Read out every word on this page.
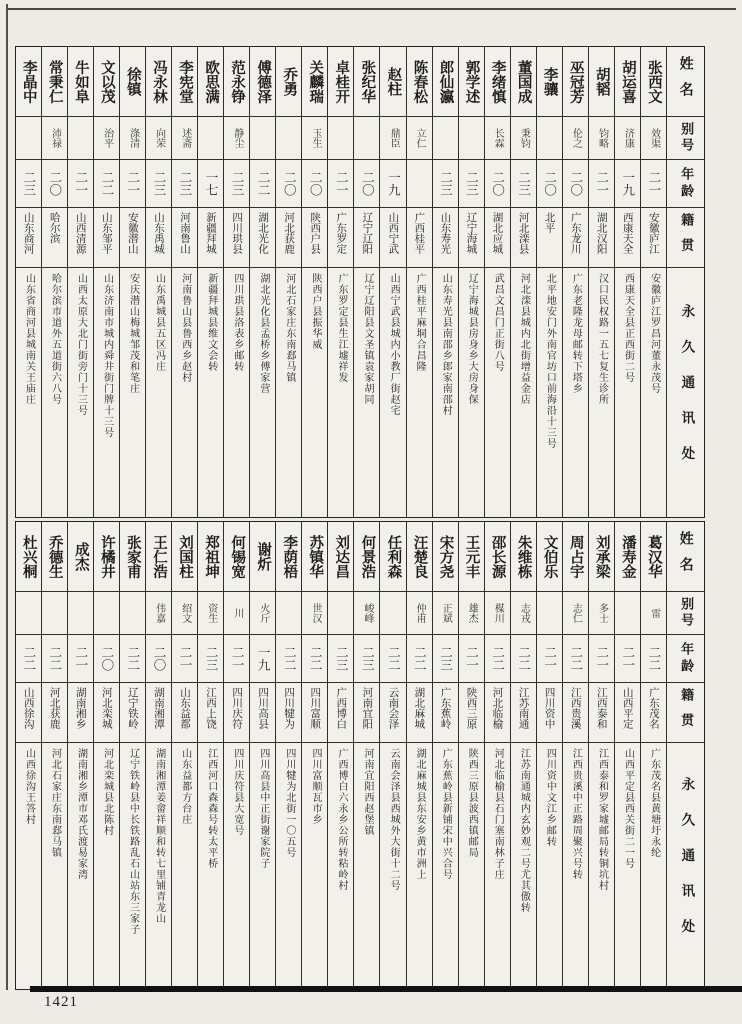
姓名
别号
年龄
籍贯
永久通讯处
张西文
效渠
二一
安徽庐江
安徽庐江罗昌河董永茂号
胡运喜
济康
一九
西康天全
西康天全县正西街二号
胡韬
钧略
二一
湖北汉阳
汉口民权路一五七复生诊所
巫冠芳
伦之
二〇
广东龙川
广东老隆龙母邮转下塔乡
李骧
二〇
北平
北平地安门外南官坊口前海沿十三号
董国成
秉钧
二三
河北滦县
河北滦县城内北街增益金店
李绪慎
长霖
二〇
湖北应城
武昌文昌门正街八号
郭学述
二三
辽宁海城
辽宁海城县房身乡大房身保
郎仙瀛
二三
山东寿光
山东寿光县南邵乡郎家南邵村
陈春松
立仁
广西桂平
广西桂平麻垌合昌隆
赵柱
鼎臣
一九
山西宁武
山西宁武县城内小教厂街赵宅
张纪华
二〇
辽宁辽阳
辽宁辽阳县文圣镇袁家胡同
卓桂开
二一
广东罗定
广东罗定县生江墟祥发
关麟瑞
玉生
二〇
陕西户县
陕西户县振华威
乔勇
二〇
河北获鹿
河北石家庄东南郄马镇
傅德泽
二二
湖北光化
湖北光化县孟桥乡傅家营
范永铮
静尘
二三
四川珙县
四川珙县洛表乡邮转
欧思满
一七
新疆拜城
新疆拜城县维文会转
李宪堂
述斋
二三
河南鲁山
河南鲁山县鲁西乡赵村
冯永林
向荣
二三
山东禹城
山东禹城县五区冯庄
徐镇
涤清
二一
安徽潜山
安庆潜山梅城邹茂和笔庄
文以茂
治平
二二
山东邹平
山东济南市城内舜井街门牌十三号
牛如阜
二一
山西清源
山西太原大北门街旁门十三号
常秉仁
沛禄
二〇
哈尔滨
哈尔滨市道外五道街六八号
李晶中
二三
山东商河
山东省商河县城南关王庙庄
姓名
别号
年龄
籍贯
永久通讯处
葛汉华
雷
二二
广东茂名
广东茂名县黄塘圩永纶
潘寿金
二一
山西平定
山西平定县西关街二一号
刘承梁
多士
二一
江西泰和
江西泰和罗家墟邮局转铜坑村
周占宇
志仁
二二
江西贵溪
江西贵溪中正路周聚兴号转
文伯乐
二一
四川资中
四川资中文江乡邮转
朱维栋
志戎
二二
江苏南通
江苏南通城内玄妙观二号尤其傲转
邵长源
楳川
二二
河北临榆
河北临榆县石门塞南林子庄
王元丰
雄杰
二一
陕西三原
陕西三原县波西镇邮局
宋方尧
正斌
二三
广东蕉岭
广东蕉岭县新铺宋中兴合号
汪楚良
仲甫
二二
湖北麻城
湖北麻城县东安乡黄市洲上
任利森
二二
云南会泽
云南会泽县西城外大街十二号
何景浩
峻峰
二三
河南宜阳
河南宜阳西赵堡镇
刘达昌
二三
广西博白
广西博白六永乡公所转粘岭村
苏镇华
世汉
二二
四川富顺
四川富顺瓦市乡
李荫梧
二二
四川犍为
四川犍为北街一〇五号
谢炘
火斤
一九
四川高县
四川高县中正街谢家院子
何锡宽
川
二一
四川庆符
四川庆符县大宽号
郑祖坤
资生
二三
江西上饶
江西河口森森号转太平桥
刘国柱
绍文
二一
山东益都
山东益都方台庄
王仁浩
伟嘉
二〇
湖南湘潭
湖南湘潭姜畲祥顺和转七里铺青龙山
张家甫
二二
辽宁铁岭
辽宁铁岭县中长铁路乱石山站东三家子
许橘井
二〇
河北栾城
河北栾城县北陈村
成杰
二一
湖南湘乡
湖南湘乡潭市邓氏渡易家湾
乔德生
二二
河北获鹿
河北石家庄东南郄马镇
杜兴桐
二二
山西徐沟
山西徐沟王答村
1421
